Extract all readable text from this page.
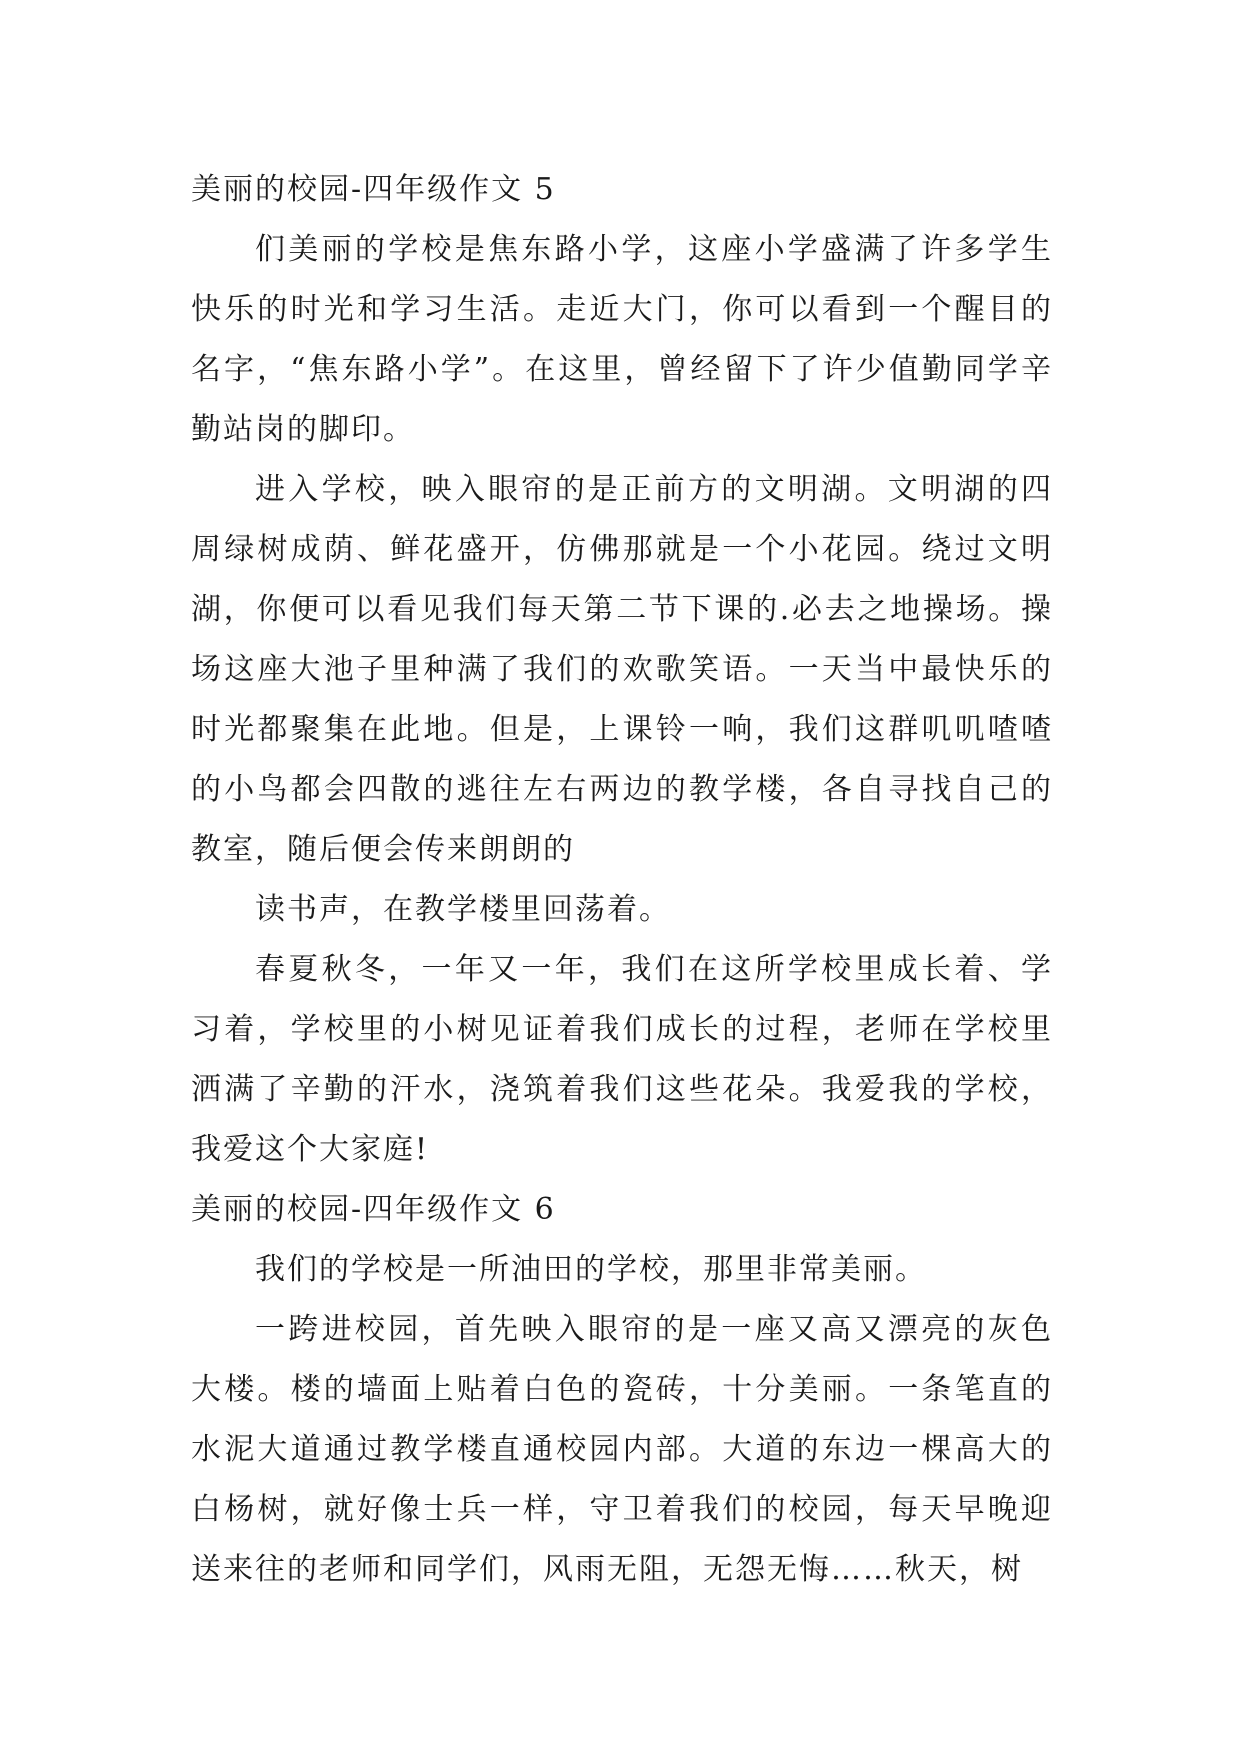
美丽的校园-四年级作文 5

们美丽的学校是焦东路小学，这座小学盛满了许多学生快乐的时光和学习生活。走近大门，你可以看到一个醒目的名字，“焦东路小学”。在这里，曾经留下了许少值勤同学辛勤站岗的脚印。

进入学校，映入眼帘的是正前方的文明湖。文明湖的四周绿树成荫、鲜花盛开，仿佛那就是一个小花园。绕过文明湖，你便可以看见我们每天第二节下课的.必去之地操场。操场这座大池子里种满了我们的欢歌笑语。一天当中最快乐的时光都聚集在此地。但是，上课铃一响，我们这群叽叽喳喳的小鸟都会四散的逃往左右两边的教学楼，各自寻找自己的教室，随后便会传来朗朗的

读书声，在教学楼里回荡着。

春夏秋冬，一年又一年，我们在这所学校里成长着、学习着，学校里的小树见证着我们成长的过程，老师在学校里洒满了辛勤的汗水，浇筑着我们这些花朵。我爱我的学校，我爱这个大家庭!

美丽的校园-四年级作文 6

我们的学校是一所油田的学校，那里非常美丽。

一跨进校园，首先映入眼帘的是一座又高又漂亮的灰色大楼。楼的墙面上贴着白色的瓷砖，十分美丽。一条笔直的水泥大道通过教学楼直通校园内部。大道的东边一棵高大的白杨树，就好像士兵一样，守卫着我们的校园，每天早晚迎送来往的老师和同学们，风雨无阻，无怨无悔……秋天，树
